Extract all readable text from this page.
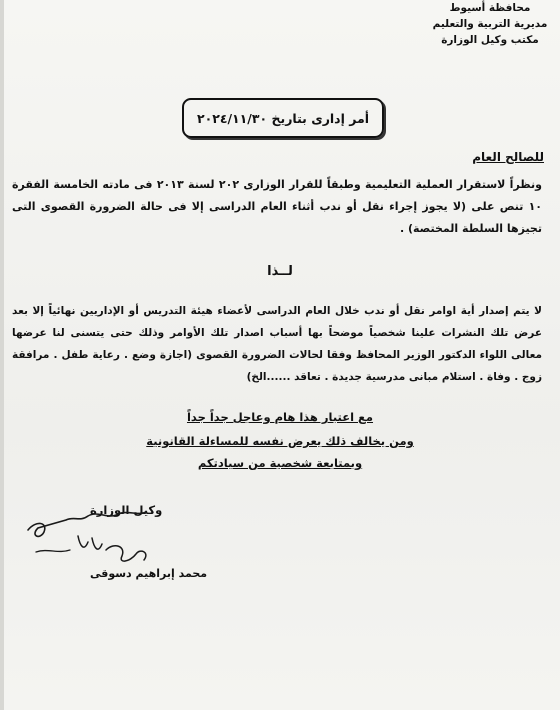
محافظة أسيوط
مديرية التربية والتعليم
مكتب وكيل الوزارة
أمر إدارى بتاريخ ٢٠٢٤/١١/٣٠
للصالح العام
ونظراً لاستقرار العملية التعليمية وطبقاً للقرار الوزارى ٢٠٢ لسنة ٢٠١٣ فى مادته الخامسة الفقرة ١٠ تنص على (لا يجوز إجراء نقل أو ندب أثناء العام الدراسى إلا فى حالة الضرورة القصوى التى تجيزها السلطة المختصة) .
لــذا
لا يتم إصدار أية اوامر نقل أو ندب خلال العام الدراسى لأعضاء هيئة التدريس أو الإداريين نهائياً إلا بعد عرض تلك النشرات علينا شخصياً موضحاً بها أسباب اصدار تلك الأوامر وذلك حتى يتسنى لنا عرضها معالى اللواء الدكتور الوزير المحافظ وفقا لحالات الضرورة القصوى (اجازة وضع . رعاية طفل . مرافقة زوج . وفاة . استلام مبانى مدرسية جديدة . تعاقد ......الخ)
مع اعتبار هذا هام وعاجل جداً جداً
ومن يخالف ذلك يعرض نفسه للمساءلة القانونية
وبمتابعة شخصية من سيادتكم
وكيل الوزارة
محمد إبراهيم دسوقى
